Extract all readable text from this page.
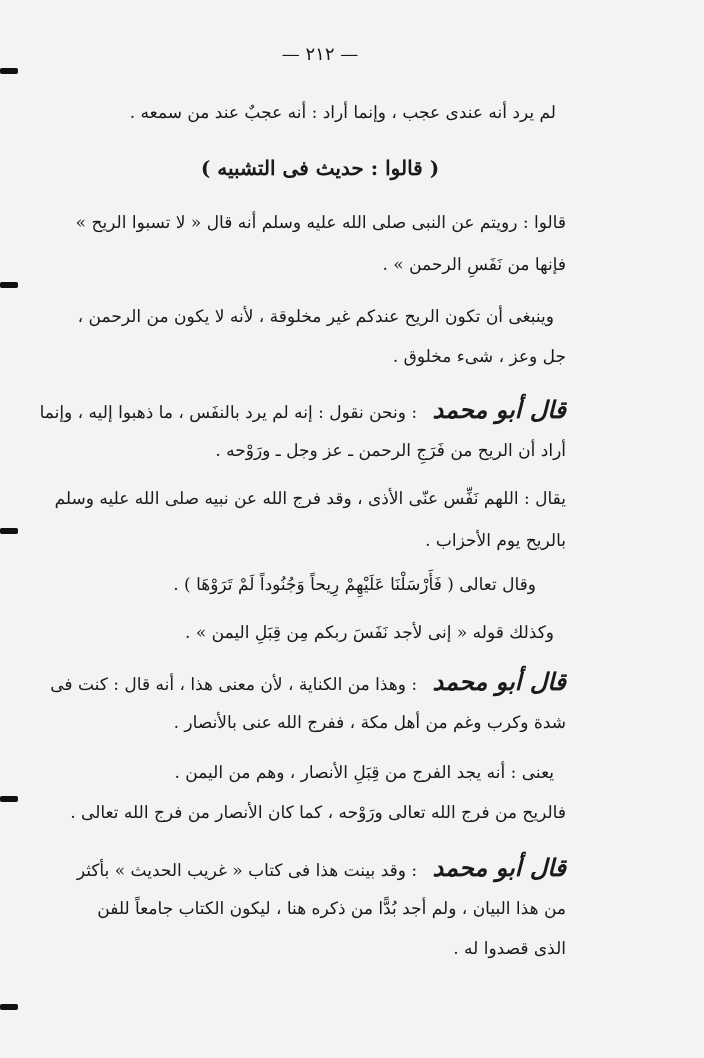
— ٢١٢ —
لم يرد أنه عندى عجب ، وإنما أراد : أنه عجبٌ عند من سمعه .
( قالوا : حديث فى التشبيه )
قالوا : رويتم عن النبى صلى الله عليه وسلم أنه قال « لا تسبوا الريح »
فإنها من نَفَسِ الرحمن » .
وينبغى أن تكون الريح عندكم غير مخلوقة ، لأنه لا يكون من الرحمن ،
جل وعز ، شىء مخلوق .
قال أبو محمد : ونحن نقول : إنه لم يرد بالنفَس ، ما ذهبوا إليه ، وإنما
أراد أن الريح من فَرَجِ الرحمن ـ عز وجل ـ ورَوْحه .
يقال : اللهم نَفِّس عنّى الأذى ، وقد فرج الله عن نبيه صلى الله عليه وسلم
بالريح يوم الأحزاب .
وقال تعالى ( فَأَرْسَلْنَا عَلَيْهِمْ رِيحاً وَجُنُوداً لَمْ تَرَوْهَا ) .
وكذلك قوله « إنى لأجد نَفَسَ ربكم مِن قِبَلِ اليمن » .
قال أبو محمد : وهذا من الكناية ، لأن معنى هذا ، أنه قال : كنت فى
شدة وكرب وغم من أهل مكة ، ففرج الله عنى بالأنصار .
يعنى : أنه يجد الفرج من قِبَلِ الأنصار ، وهم من اليمن .
فالريح من فرج الله تعالى ورَوْحه ، كما كان الأنصار من فرج الله تعالى .
قال أبو محمد : وقد بينت هذا فى كتاب « غريب الحديث » بأكثر
من هذا البيان ، ولم أجد بُدًّا من ذكره هنا ، ليكون الكتاب جامعاً للفن
الذى قصدوا له .
